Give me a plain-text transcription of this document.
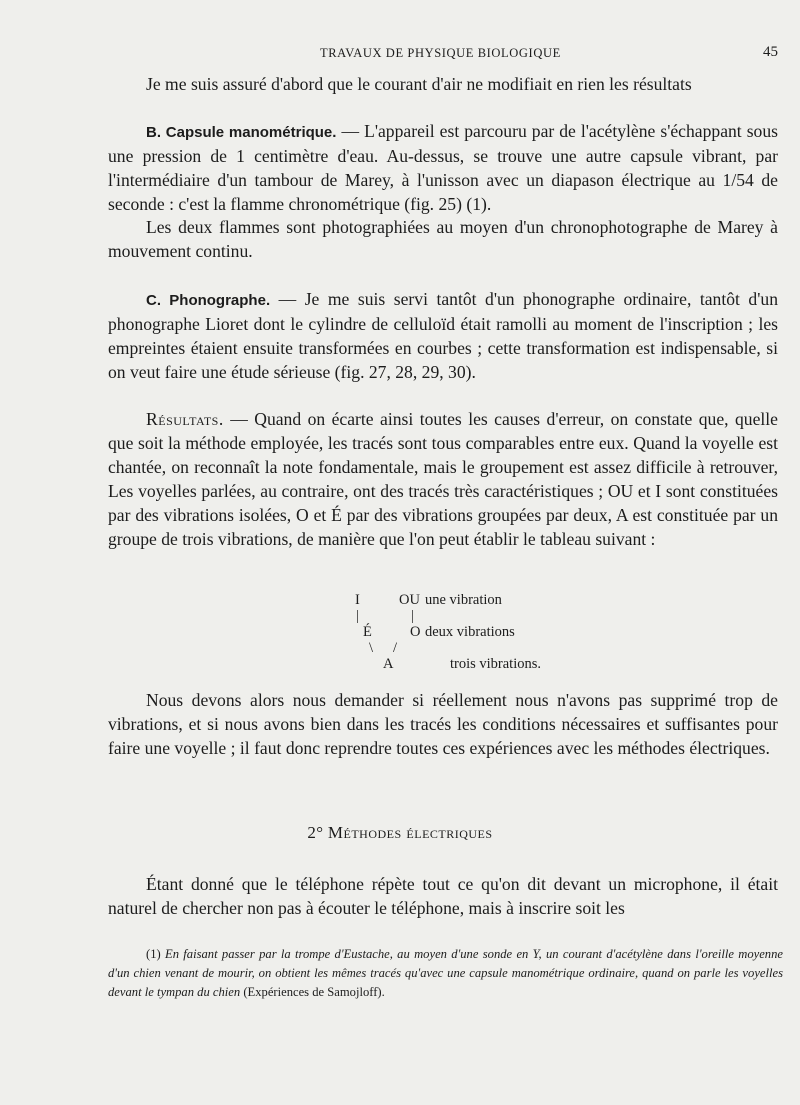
TRAVAUX DE PHYSIQUE BIOLOGIQUE	45

Je me suis assuré d'abord que le courant d'air ne modifiait en rien les résultats

B. Capsule manométrique. — L'appareil est parcouru par de l'acétylène s'échappant sous une pression de 1 centimètre d'eau. Au-dessus, se trouve une autre capsule vibrant, par l'intermédiaire d'un tambour de Marey, à l'unisson avec un diapason électrique au 1/54 de seconde : c'est la flamme chronométrique (fig. 25) (1).

Les deux flammes sont photographiées au moyen d'un chronophotographe de Marey à mouvement continu.

C. Phonographe. — Je me suis servi tantôt d'un phonographe ordinaire, tantôt d'un phonographe Lioret dont le cylindre de celluloïd était ramolli au moment de l'inscription ; les empreintes étaient ensuite transformées en courbes ; cette transformation est indispensable, si on veut faire une étude sérieuse (fig. 27, 28, 29, 30).

Résultats. — Quand on écarte ainsi toutes les causes d'erreur, on constate que, quelle que soit la méthode employée, les tracés sont tous comparables entre eux. Quand la voyelle est chantée, on reconnaît la note fondamentale, mais le groupement est assez difficile à retrouver, Les voyelles parlées, au contraire, ont des tracés très caractéristiques ; OU et I sont constituées par des vibrations isolées, O et É par des vibrations groupées par deux, A est constituée par un groupe de trois vibrations, de manière que l'on peut établir le tableau suivant :

I	OU une vibration
|	|
É	O deux vibrations
\ /
A	trois vibrations.

Nous devons alors nous demander si réellement nous n'avons pas supprimé trop de vibrations, et si nous avons bien dans les tracés les conditions nécessaires et suffisantes pour faire une voyelle ; il faut donc reprendre toutes ces expériences avec les méthodes électriques.

2° Méthodes électriques

Étant donné que le téléphone répète tout ce qu'on dit devant un microphone, il était naturel de chercher non pas à écouter le téléphone, mais à inscrire soit les

(1) En faisant passer par la trompe d'Eustache, au moyen d'une sonde en Y, un courant d'acétylène dans l'oreille moyenne d'un chien venant de mourir, on obtient les mêmes tracés qu'avec une capsule manométrique ordinaire, quand on parle les voyelles devant le tympan du chien (Expériences de Samojloff).
